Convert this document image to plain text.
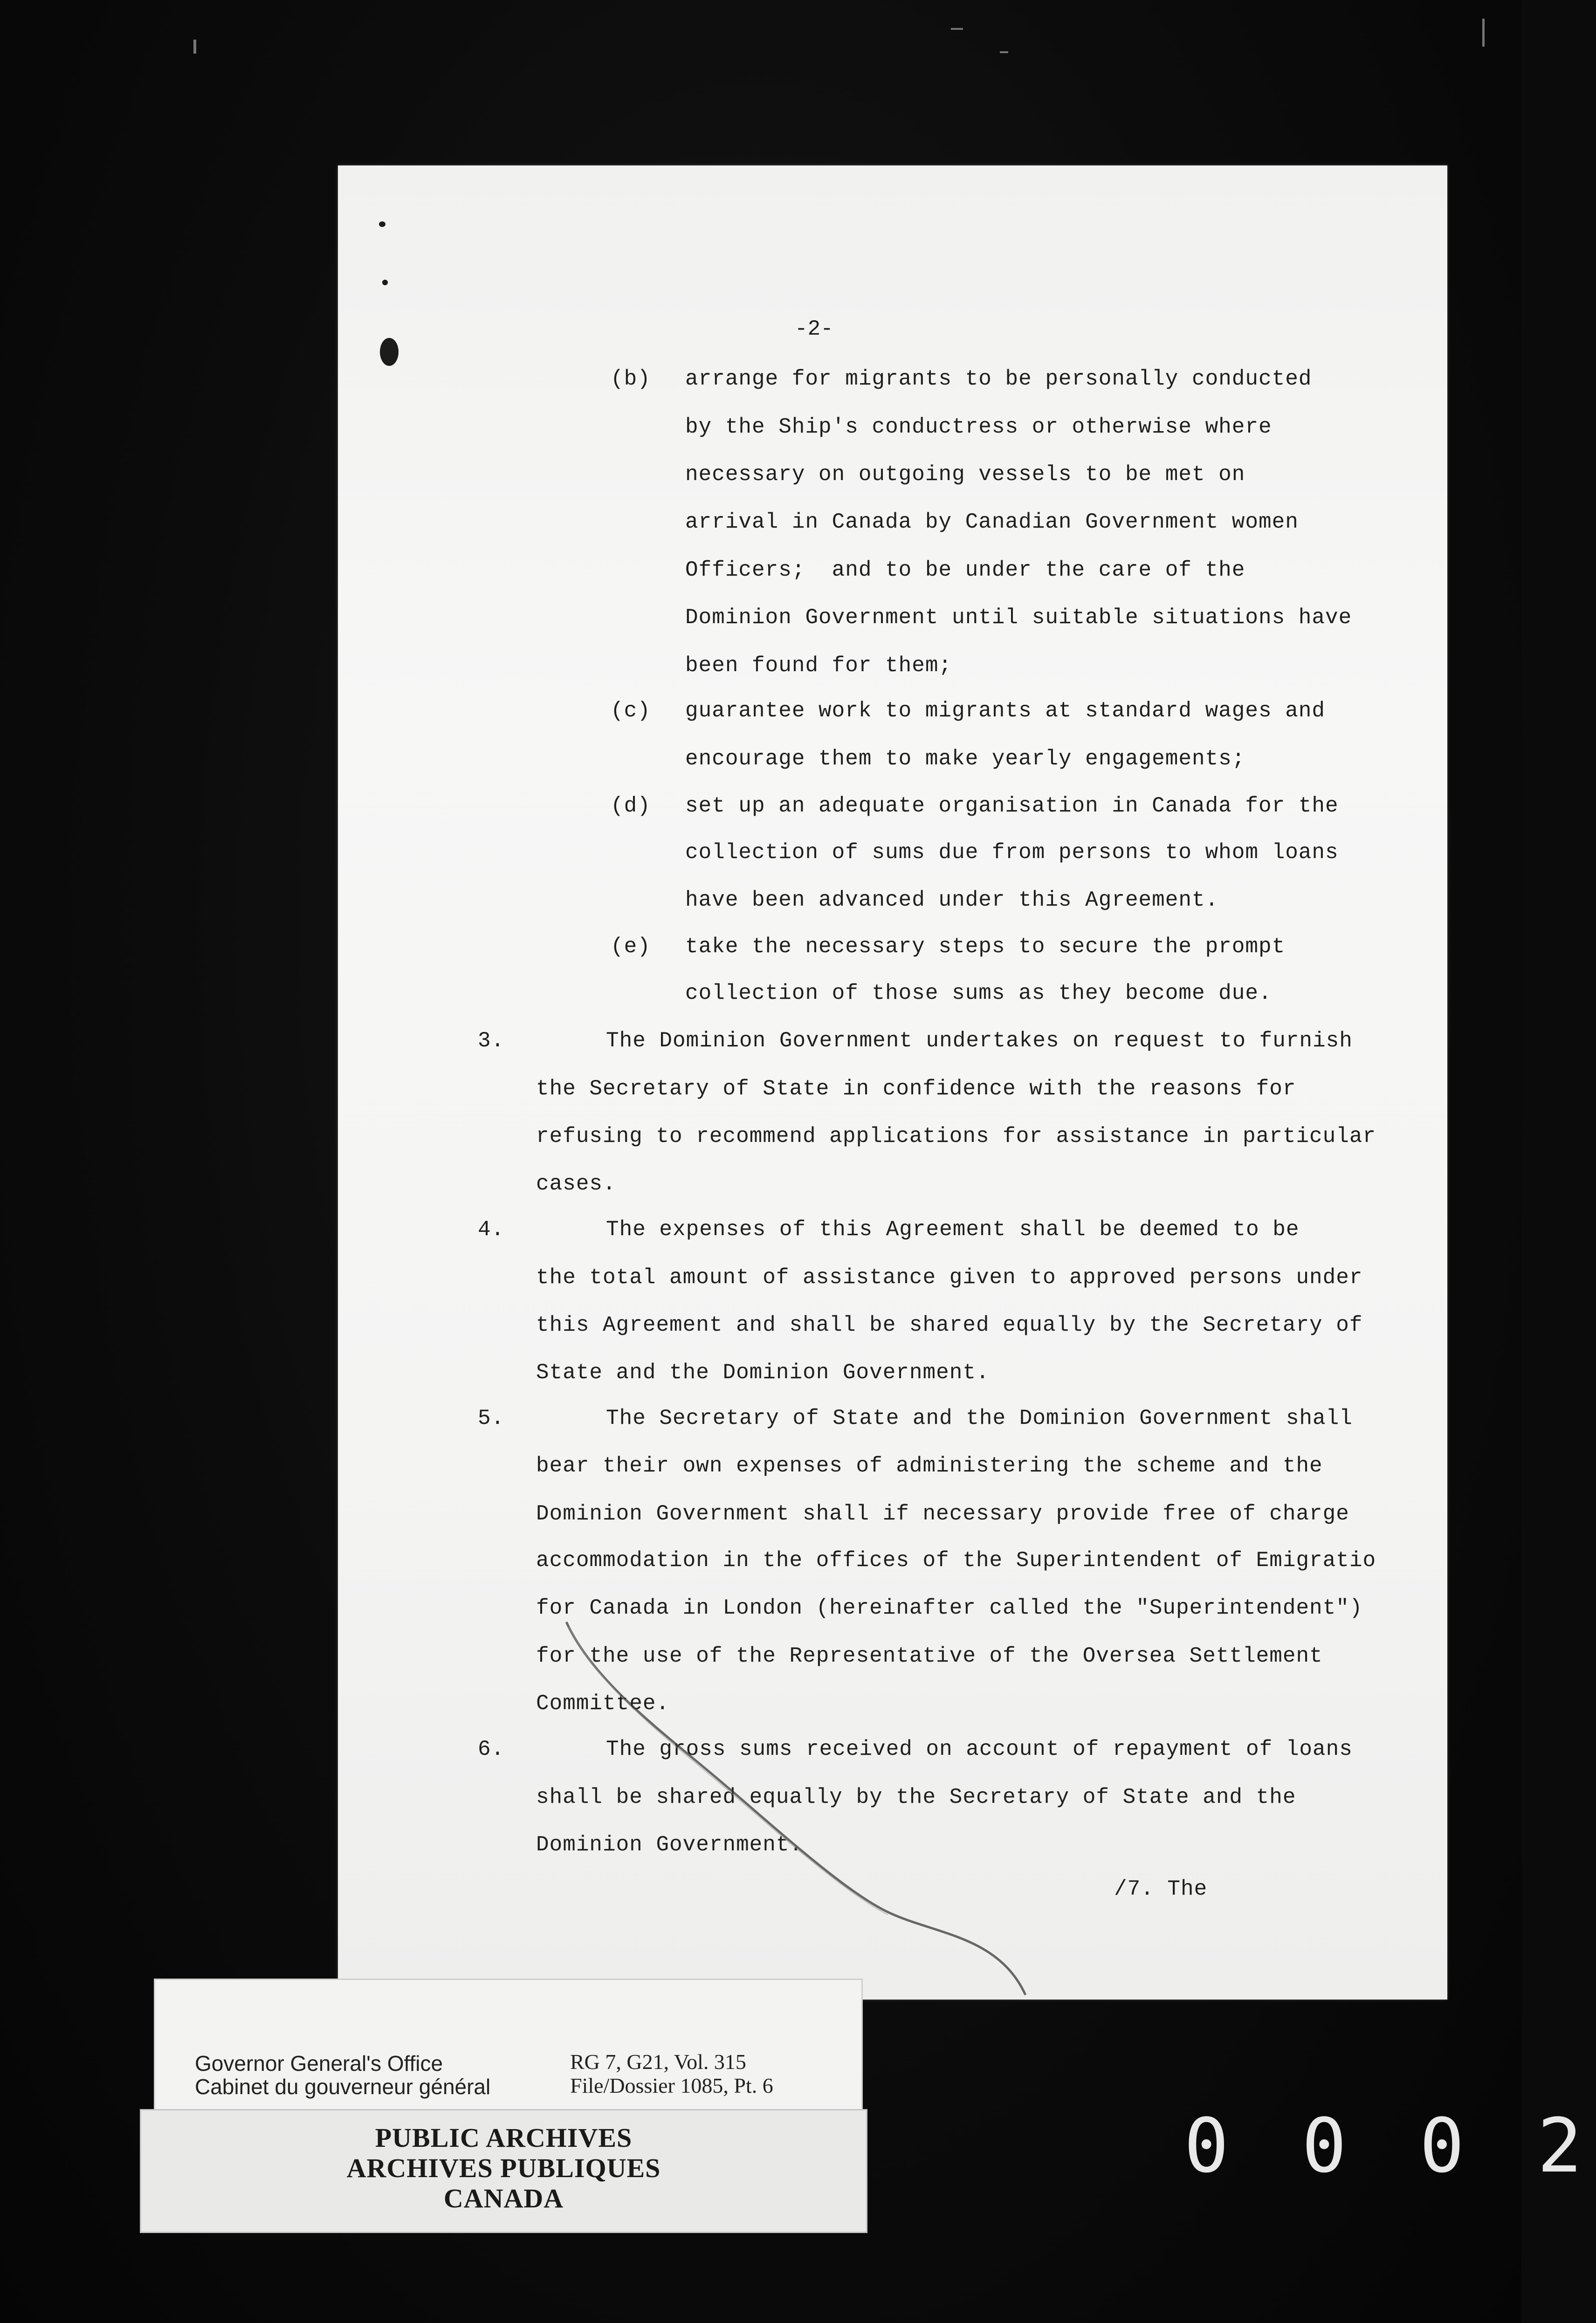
-2-
(b) arrange for migrants to be personally conducted
by the Ship's conductress or otherwise where
necessary on outgoing vessels to be met on
arrival in Canada by Canadian Government women
Officers;  and to be under the care of the
Dominion Government until suitable situations have
been found for them;
(c) guarantee work to migrants at standard wages and
encourage them to make yearly engagements;
(d) set up an adequate organisation in Canada for the
collection of sums due from persons to whom loans
have been advanced under this Agreement.
(e) take the necessary steps to secure the prompt
collection of those sums as they become due.
3.	The Dominion Government undertakes on request to furnish
the Secretary of State in confidence with the reasons for
refusing to recommend applications for assistance in particular
cases.
4.	The expenses of this Agreement shall be deemed to be
the total amount of assistance given to approved persons under
this Agreement and shall be shared equally by the Secretary of
State and the Dominion Government.
5.	The Secretary of State and the Dominion Government shall
bear their own expenses of administering the scheme and the
Dominion Government shall if necessary provide free of charge
accommodation in the offices of the Superintendent of Emigratio
for Canada in London (hereinafter called the "Superintendent")
for the use of the Representative of the Oversea Settlement
Committee.
6.	The gross sums received on account of repayment of loans
shall be shared equally by the Secretary of State and the
Dominion Government.
/7. The
Governor General's Office
Cabinet du gouverneur général
RG 7, G21, Vol. 315
File/Dossier 1085, Pt. 6
PUBLIC ARCHIVES
ARCHIVES PUBLIQUES
CANADA
0 0 0 2
